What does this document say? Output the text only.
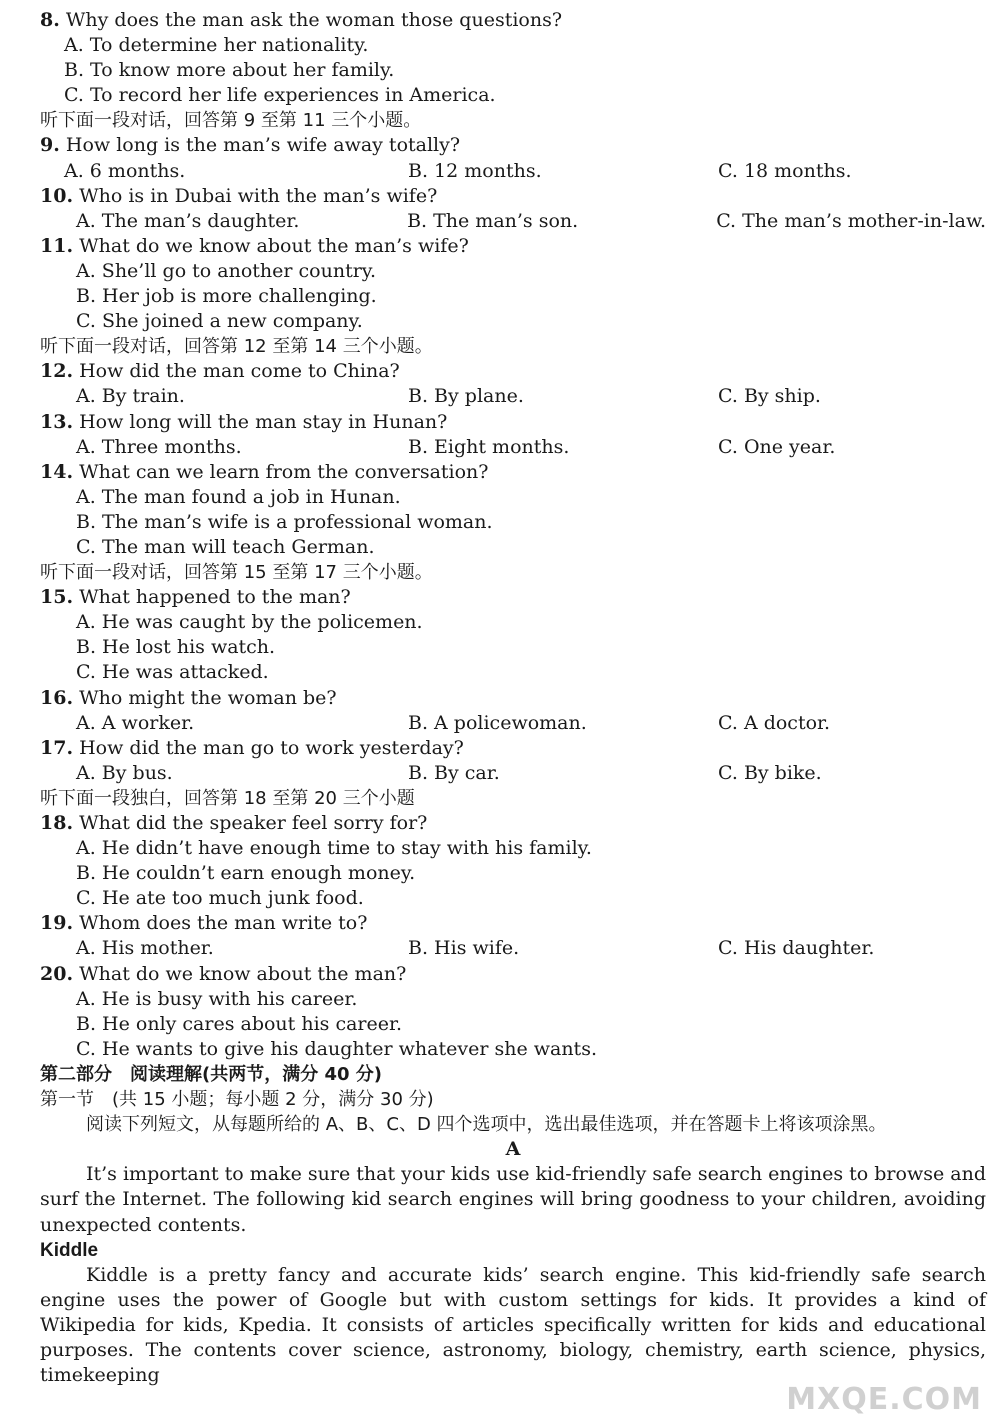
8. Why does the man ask the woman those questions?
A. To determine her nationality.
B. To know more about her family.
C. To record her life experiences in America.
听下面一段对话，回答第 9 至第 11 三个小题。
9. How long is the man’s wife away totally?
A. 6 months.	B. 12 months.	C. 18 months.
10. Who is in Dubai with the man’s wife?
A. The man’s daughter.	B. The man’s son.	C. The man’s mother-in-law.
11. What do we know about the man’s wife?
A. She’ll go to another country.
B. Her job is more challenging.
C. She joined a new company.
听下面一段对话，回答第 12 至第 14 三个小题。
12. How did the man come to China?
A. By train.	B. By plane.	C. By ship.
13. How long will the man stay in Hunan?
A. Three months.	B. Eight months.	C. One year.
14. What can we learn from the conversation?
A. The man found a job in Hunan.
B. The man’s wife is a professional woman.
C. The man will teach German.
听下面一段对话，回答第 15 至第 17 三个小题。
15. What happened to the man?
A. He was caught by the policemen.
B. He lost his watch.
C. He was attacked.
16. Who might the woman be?
A. A worker.	B. A policewoman.	C. A doctor.
17. How did the man go to work yesterday?
A. By bus.	B. By car.	C. By bike.
听下面一段独白，回答第 18 至第 20 三个小题
18. What did the speaker feel sorry for?
A. He didn’t have enough time to stay with his family.
B. He couldn’t earn enough money.
C. He ate too much junk food.
19. Whom does the man write to?
A. His mother.	B. His wife.	C. His daughter.
20. What do we know about the man?
A. He is busy with his career.
B. He only cares about his career.
C. He wants to give his daughter whatever she wants.
第二部分　阅读理解(共两节，满分 40 分)
第一节　(共 15 小题；每小题 2 分，满分 30 分)

阅读下列短文，从每题所给的 A、B、C、D 四个选项中，选出最佳选项，并在答题卡上将该项涂黑。

A

It’s important to make sure that your kids use kid-friendly safe search engines to browse and surf the Internet. The following kid search engines will bring goodness to your children, avoiding unexpected contents.

Kiddle

Kiddle is a pretty fancy and accurate kids’ search engine. This kid-friendly safe search engine uses the power of Google but with custom settings for kids. It provides a kind of Wikipedia for kids, Kpedia. It consists of articles specifically written for kids and educational purposes. The contents cover science, astronomy, biology, chemistry, earth science, physics, timekeeping

MXQE.COM
